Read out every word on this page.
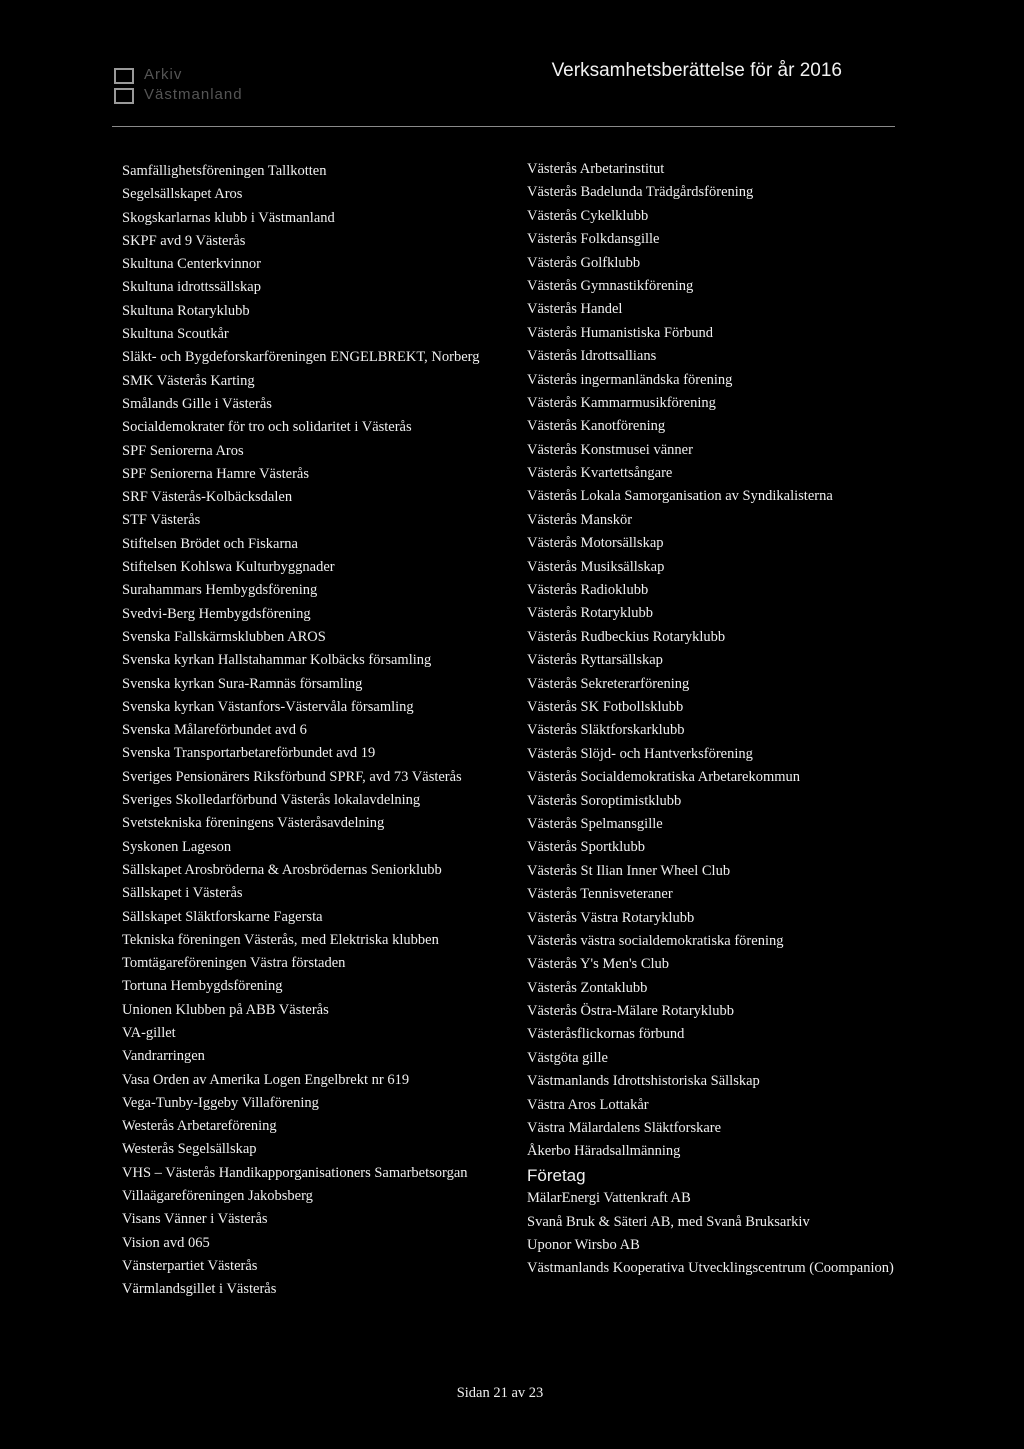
Arkiv
Västmanland
Verksamhetsberättelse för år 2016
Samfällighetsföreningen Tallkotten
Segelsällskapet Aros
Skogskarlarnas klubb i Västmanland
SKPF avd 9 Västerås
Skultuna Centerkvinnor
Skultuna idrottssällskap
Skultuna Rotaryklubb
Skultuna Scoutkår
Släkt- och Bygdeforskarföreningen ENGELBREKT, Norberg
SMK Västerås Karting
Smålands Gille i Västerås
Socialdemokrater för tro och solidaritet i Västerås
SPF Seniorerna Aros
SPF Seniorerna Hamre Västerås
SRF Västerås-Kolbäcksdalen
STF Västerås
Stiftelsen Brödet och Fiskarna
Stiftelsen Kohlswa Kulturbyggnader
Surahammars Hembygdsförening
Svedvi-Berg Hembygdsförening
Svenska Fallskärmsklubben AROS
Svenska kyrkan Hallstahammar Kolbäcks församling
Svenska kyrkan Sura-Ramnäs församling
Svenska kyrkan Västanfors-Västervåla församling
Svenska Målareförbundet avd 6
Svenska Transportarbetareförbundet avd 19
Sveriges Pensionärers Riksförbund SPRF, avd 73 Västerås
Sveriges Skolledarförbund Västerås lokalavdelning
Svetstekniska föreningens Västeråsavdelning
Syskonen Lageson
Sällskapet Arosbröderna & Arosbrödernas Seniorklubb
Sällskapet i Västerås
Sällskapet Släktforskarne Fagersta
Tekniska föreningen Västerås, med Elektriska klubben
Tomtägareföreningen Västra förstaden
Tortuna Hembygdsförening
Unionen Klubben på ABB Västerås
VA-gillet
Vandrarringen
Vasa Orden av Amerika Logen Engelbrekt nr 619
Vega-Tunby-Iggeby Villaförening
Westerås Arbetareförening
Westerås Segelsällskap
VHS – Västerås Handikapporganisationers Samarbetsorgan
Villaägareföreningen Jakobsberg
Visans Vänner i Västerås
Vision avd 065
Vänsterpartiet Västerås
Värmlandsgillet i Västerås
Västerås Arbetarinstitut
Västerås Badelunda Trädgårdsförening
Västerås Cykelklubb
Västerås Folkdansgille
Västerås Golfklubb
Västerås Gymnastikförening
Västerås Handel
Västerås Humanistiska Förbund
Västerås Idrottsallians
Västerås ingermanländska förening
Västerås Kammarmusikförening
Västerås Kanotförening
Västerås Konstmusei vänner
Västerås Kvartettsångare
Västerås Lokala Samorganisation av Syndikalisterna
Västerås Manskör
Västerås Motorsällskap
Västerås Musiksällskap
Västerås Radioklubb
Västerås Rotaryklubb
Västerås Rudbeckius Rotaryklubb
Västerås Ryttarsällskap
Västerås Sekreterarförening
Västerås SK Fotbollsklubb
Västerås Släktforskarklubb
Västerås Slöjd- och Hantverksförening
Västerås Socialdemokratiska Arbetarekommun
Västerås Soroptimistklubb
Västerås Spelmansgille
Västerås Sportklubb
Västerås St Ilian Inner Wheel Club
Västerås Tennisveteraner
Västerås Västra Rotaryklubb
Västerås västra socialdemokratiska förening
Västerås Y's Men's Club
Västerås Zontaklubb
Västerås Östra-Mälare Rotaryklubb
Västeråsflickornas förbund
Västgöta gille
Västmanlands Idrottshistoriska Sällskap
Västra Aros Lottakår
Västra Mälardalens Släktforskare
Åkerbo Häradsallmänning
Företag
MälarEnergi Vattenkraft AB
Svanå Bruk & Säteri AB, med Svanå Bruksarkiv
Uponor Wirsbo AB
Västmanlands Kooperativa Utvecklingscentrum (Coompanion)
Sidan 21 av 23
